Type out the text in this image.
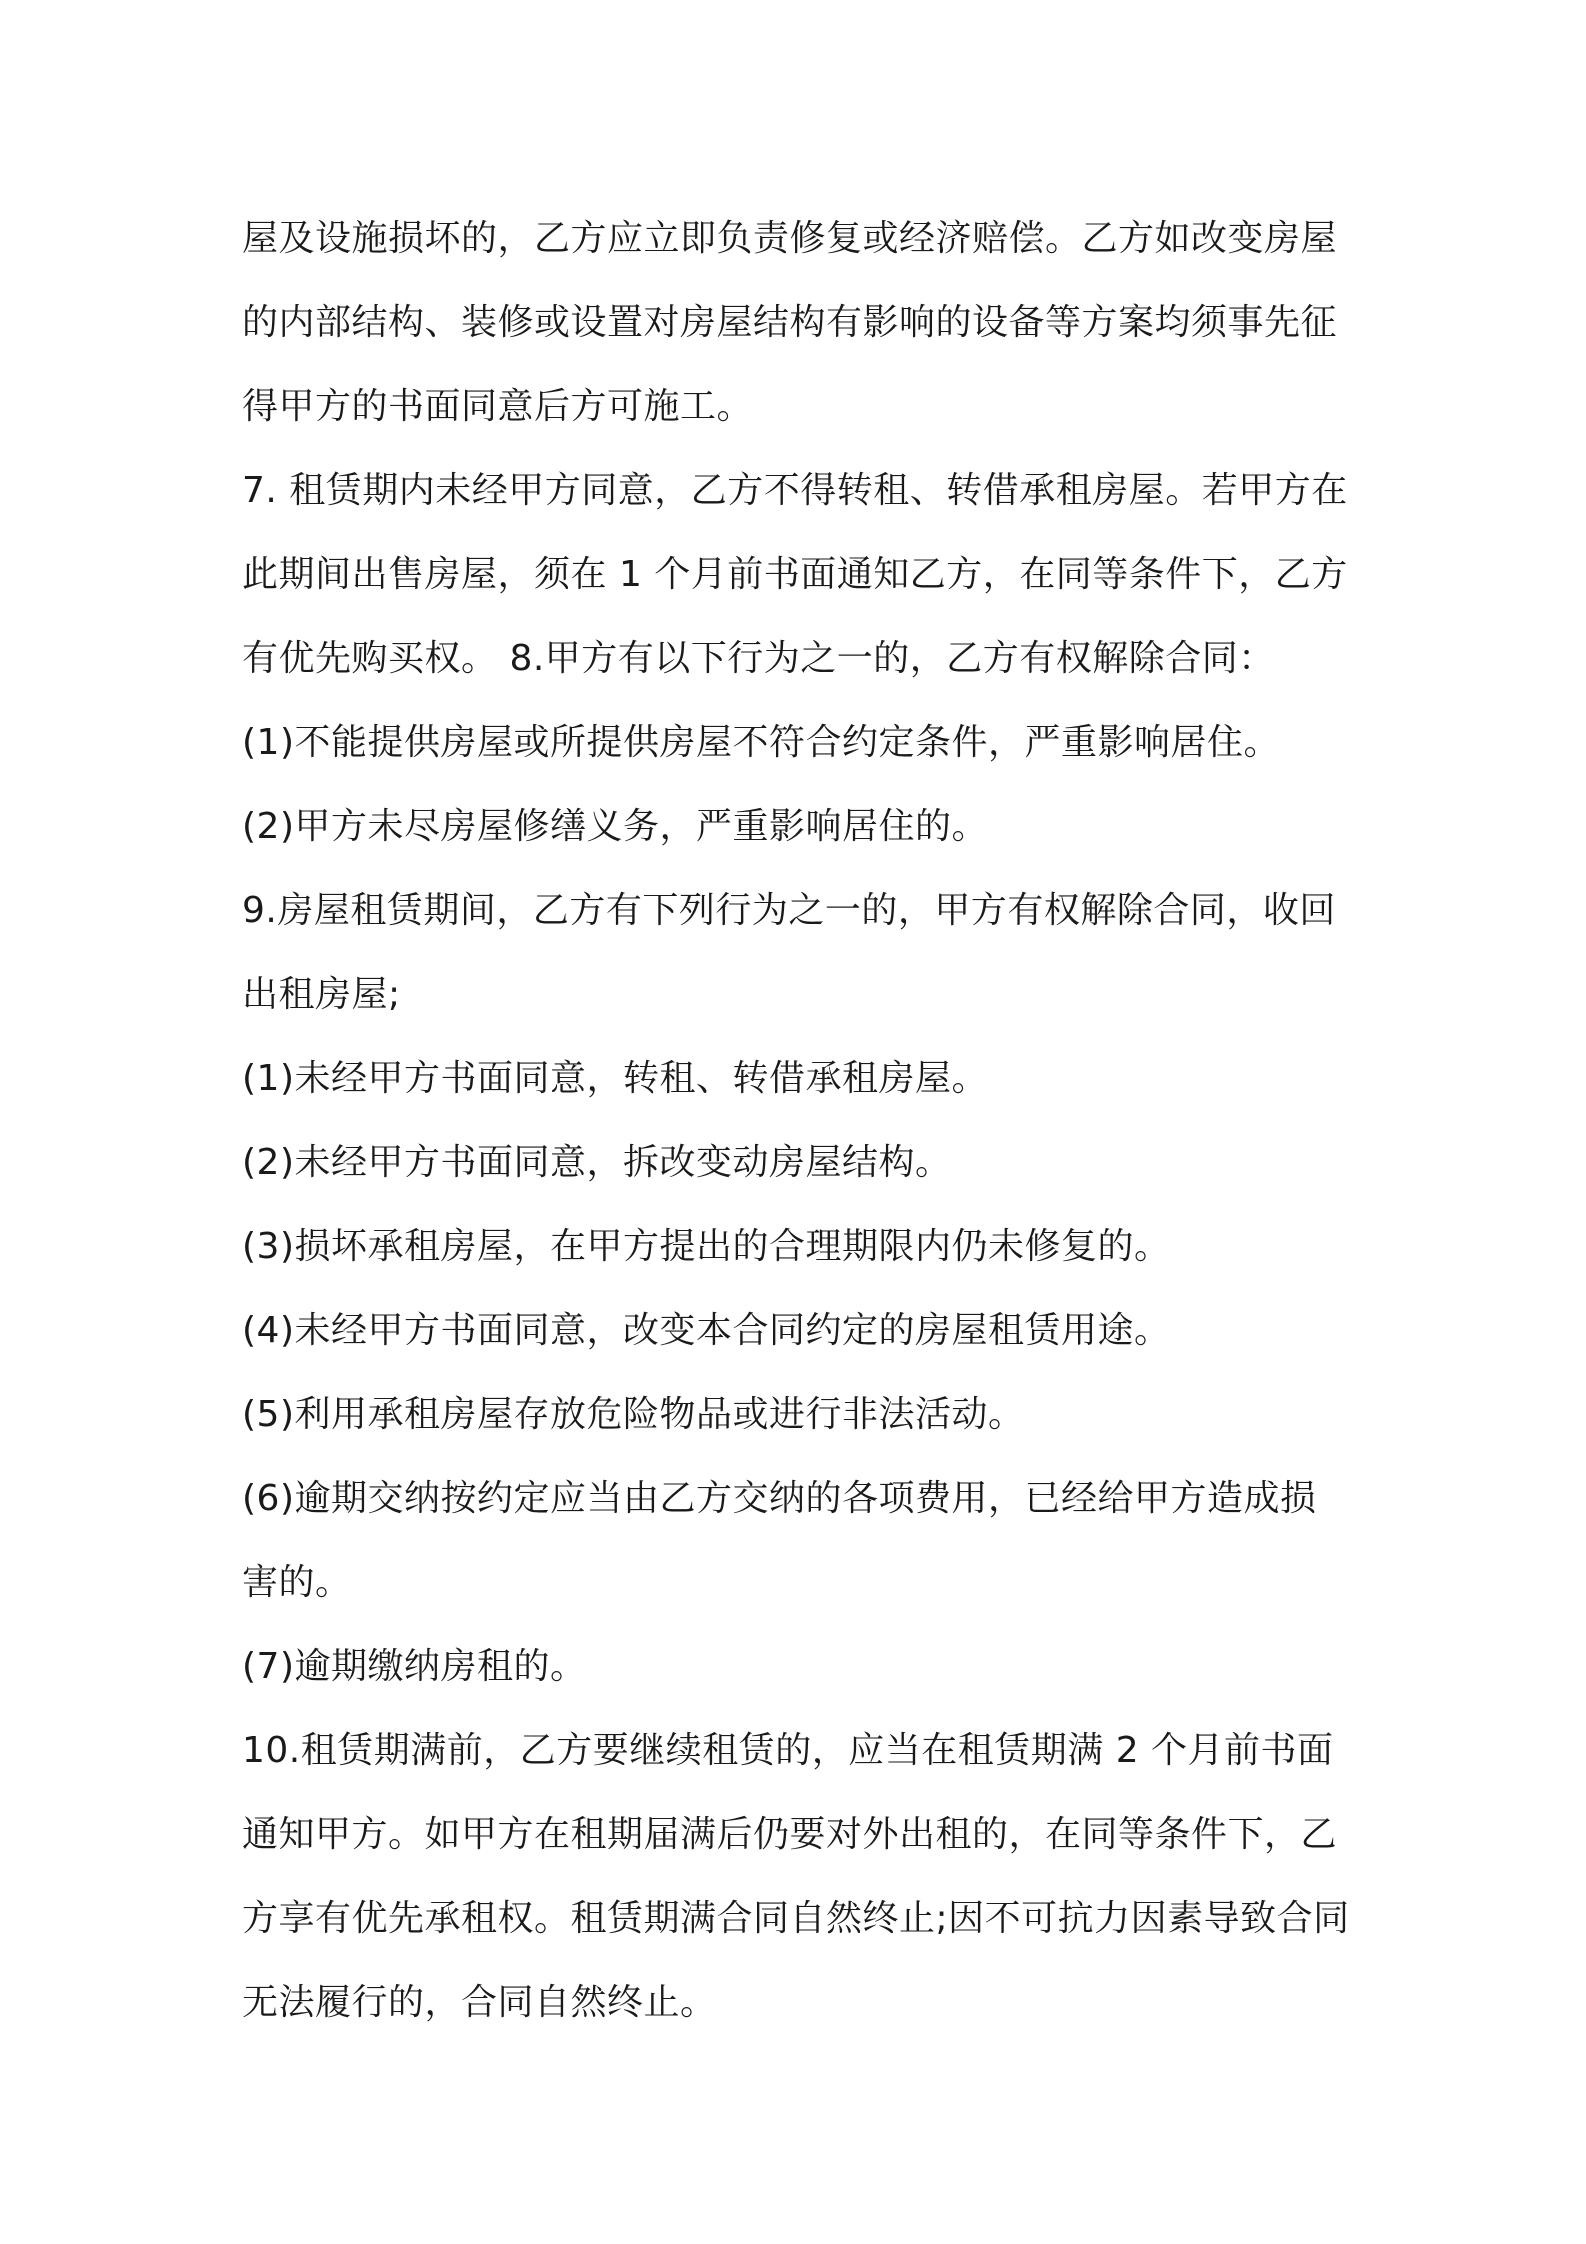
屋及设施损坏的，乙方应立即负责修复或经济赔偿。乙方如改变房屋的内部结构、装修或设置对房屋结构有影响的设备等方案均须事先征得甲方的书面同意后方可施工。

7. 租赁期内未经甲方同意，乙方不得转租、转借承租房屋。若甲方在此期间出售房屋，须在 1 个月前书面通知乙方，在同等条件下，乙方有优先购买权。 8.甲方有以下行为之一的，乙方有权解除合同：

(1)不能提供房屋或所提供房屋不符合约定条件，严重影响居住。

(2)甲方未尽房屋修缮义务，严重影响居住的。

9.房屋租赁期间，乙方有下列行为之一的，甲方有权解除合同，收回出租房屋;

(1)未经甲方书面同意，转租、转借承租房屋。

(2)未经甲方书面同意，拆改变动房屋结构。

(3)损坏承租房屋，在甲方提出的合理期限内仍未修复的。

(4)未经甲方书面同意，改变本合同约定的房屋租赁用途。

(5)利用承租房屋存放危险物品或进行非法活动。

(6)逾期交纳按约定应当由乙方交纳的各项费用，已经给甲方造成损害的。

(7)逾期缴纳房租的。

10.租赁期满前，乙方要继续租赁的，应当在租赁期满 2 个月前书面通知甲方。如甲方在租期届满后仍要对外出租的，在同等条件下，乙方享有优先承租权。租赁期满合同自然终止;因不可抗力因素导致合同无法履行的，合同自然终止。
